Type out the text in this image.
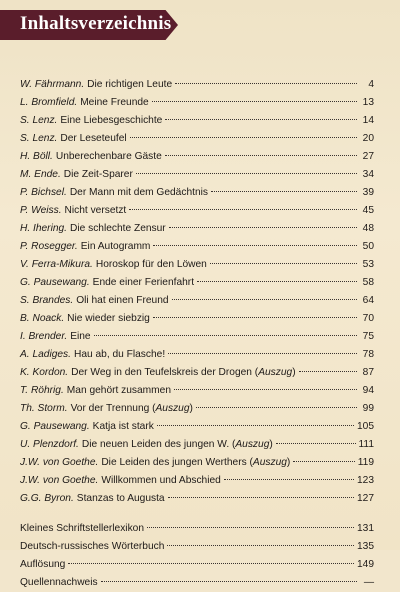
Inhaltsverzeichnis
W. Fährmann. Die richtigen Leute	4
L. Bromfield. Meine Freunde	13
S. Lenz. Eine Liebesgeschichte	14
S. Lenz. Der Leseteufel	20
H. Böll. Unberechenbare Gäste	27
M. Ende. Die Zeit-Sparer	34
P. Bichsel. Der Mann mit dem Gedächtnis	39
P. Weiss. Nicht versetzt	45
H. Ihering. Die schlechte Zensur	48
P. Rosegger. Ein Autogramm	50
V. Ferra-Mikura. Horoskop für den Löwen	53
G. Pausewang. Ende einer Ferienfahrt	58
S. Brandes. Oli hat einen Freund	64
B. Noack. Nie wieder siebzig	70
I. Brender. Eine	75
A. Ladiges. Hau ab, du Flasche!	78
K. Kordon. Der Weg in den Teufelskreis der Drogen ( Auszug )	87
T. Röhrig. Man gehört zusammen	94
Th. Storm. Vor der Trennung ( Auszug )	99
G. Pausewang. Katja ist stark	105
U. Plenzdorf. Die neuen Leiden des jungen W. ( Auszug )	111
J.W. von Goethe. Die Leiden des jungen Werthers ( Auszug )	119
J.W. von Goethe. Willkommen und Abschied	123
G.G. Byron. Stanzas to Augusta	127
Kleines Schriftstellerlexikon	131
Deutsch-russisches Wörterbuch	135
Auflösung	149
Quellennachweis	—
